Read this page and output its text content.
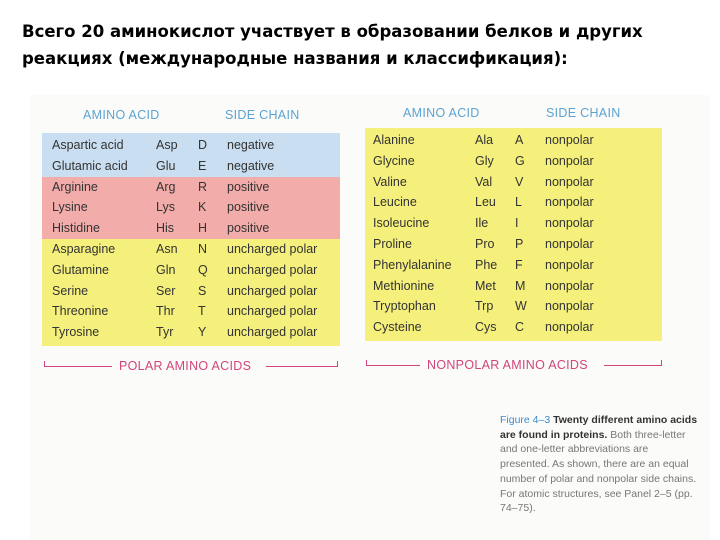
Всего 20 аминокислот участвует в образовании белков и других реакциях (международные названия и классификация):
AMINO ACID	SIDE CHAIN	AMINO ACID	SIDE CHAIN
Aspartic acid	Asp D negative
Glutamic acid Glu E negative
Arginine	Arg R positive
Lysine	Lys K positive
Histidine	His H positive
Asparagine	Asn N uncharged polar
Glutamine	Gln Q uncharged polar
Serine	Ser S uncharged polar
Threonine	Thr T uncharged polar
Tyrosine	Tyr Y uncharged polar
Alanine	Ala A nonpolar
Glycine	Gly G nonpolar
Valine	Val V nonpolar
Leucine	Leu L nonpolar
Isoleucine	Ile I nonpolar
Proline	Pro P nonpolar
Phenylalanine Phe F nonpolar
Methionine	Met M nonpolar
Tryptophan	Trp W nonpolar
Cysteine	Cys C nonpolar
POLAR AMINO ACIDS	NONPOLAR AMINO ACIDS
Figure 4–3 Twenty different amino acids are found in proteins. Both three-letter and one-letter abbreviations are presented. As shown, there are an equal number of polar and nonpolar side chains. For atomic structures, see Panel 2–5 (pp. 74–75).
